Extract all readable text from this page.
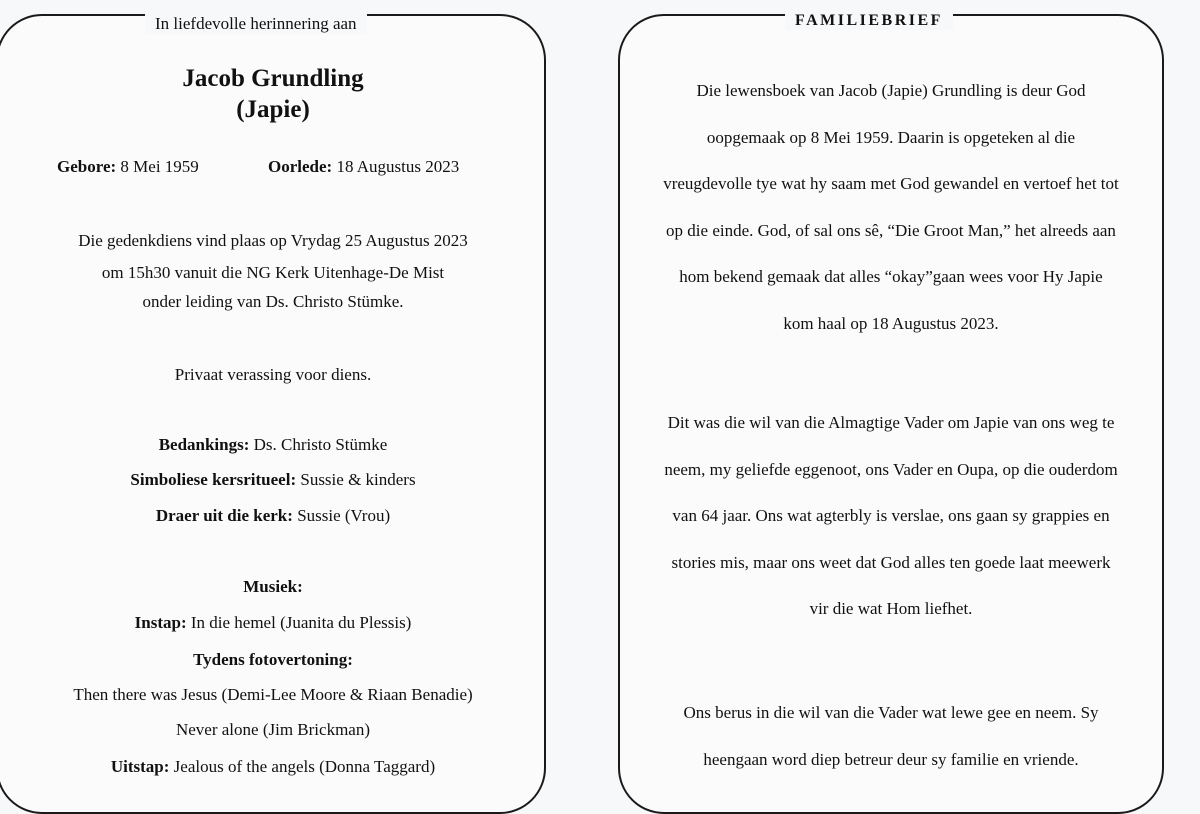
In liefdevolle herinnering aan
Jacob Grundling
(Japie)
Gebore: 8 Mei 1959	Oorlede: 18 Augustus 2023
Die gedenkdiens vind plaas op Vrydag 25 Augustus 2023
om 15h30 vanuit die NG Kerk Uitenhage-De Mist
onder leiding van Ds. Christo Stümke.
Privaat verassing voor diens.
Bedankings: Ds. Christo Stümke
Simboliese kersritueel: Sussie & kinders
Draer uit die kerk: Sussie (Vrou)
Musiek:
Instap: In die hemel (Juanita du Plessis)
Tydens fotovertoning:
Then there was Jesus (Demi-Lee Moore & Riaan Benadie)
Never alone (Jim Brickman)
Uitstap: Jealous of the angels (Donna Taggard)
FAMILIEBRIEF
Die lewensboek van Jacob (Japie) Grundling is deur God
oopgemaak op 8 Mei 1959. Daarin is opgeteken al die
vreugdevolle tye wat hy saam met God gewandel en vertoef het tot
op die einde. God, of sal ons sê, “Die Groot Man,” het alreeds aan
hom bekend gemaak dat alles “okay”gaan wees voor Hy Japie
kom haal op 18 Augustus 2023.
Dit was die wil van die Almagtige Vader om Japie van ons weg te
neem, my geliefde eggenoot, ons Vader en Oupa, op die ouderdom
van 64 jaar. Ons wat agterbly is verslae, ons gaan sy grappies en
stories mis, maar ons weet dat God alles ten goede laat meewerk
vir die wat Hom liefhet.
Ons berus in die wil van die Vader wat lewe gee en neem. Sy
heengaan word diep betreur deur sy familie en vriende.
